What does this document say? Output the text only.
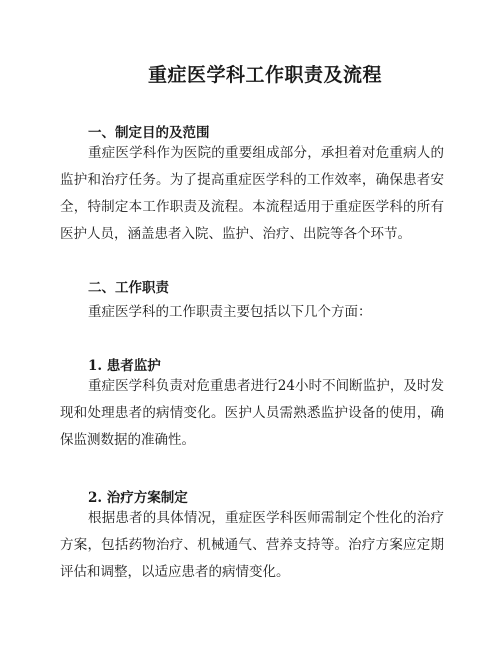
重症医学科工作职责及流程
一、制定目的及范围
重症医学科作为医院的重要组成部分，承担着对危重病人的监护和治疗任务。为了提高重症医学科的工作效率，确保患者安全，特制定本工作职责及流程。本流程适用于重症医学科的所有医护人员，涵盖患者入院、监护、治疗、出院等各个环节。
二、工作职责
重症医学科的工作职责主要包括以下几个方面：
1. 患者监护
重症医学科负责对危重患者进行24小时不间断监护，及时发现和处理患者的病情变化。医护人员需熟悉监护设备的使用，确保监测数据的准确性。
2. 治疗方案制定
根据患者的具体情况，重症医学科医师需制定个性化的治疗方案，包括药物治疗、机械通气、营养支持等。治疗方案应定期评估和调整，以适应患者的病情变化。
